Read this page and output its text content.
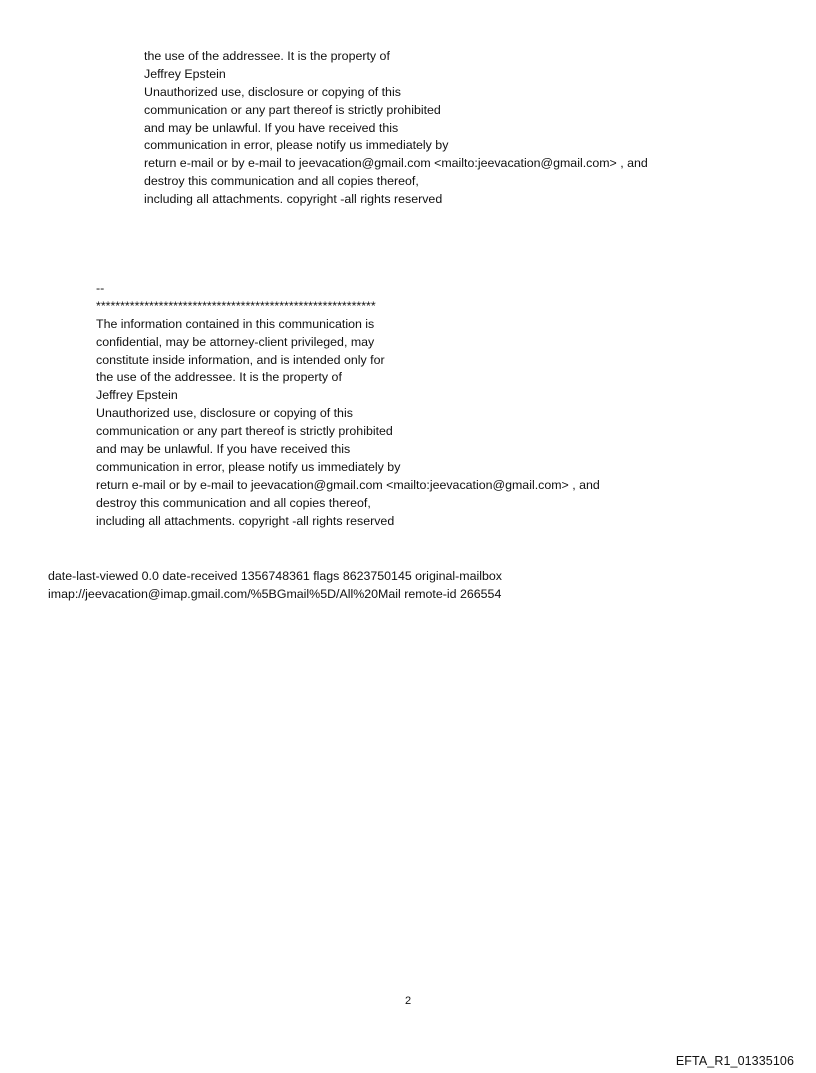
the use of the addressee. It is the property of
Jeffrey Epstein
Unauthorized use, disclosure or copying of this
communication or any part thereof is strictly prohibited
and may be unlawful. If you have received this
communication in error, please notify us immediately by
return e-mail or by e-mail to jeevacation@gmail.com <mailto:jeevacation@gmail.com> , and
destroy this communication and all copies thereof,
including all attachments. copyright -all rights reserved
--
**********************************************************
The information contained in this communication is
confidential, may be attorney-client privileged, may
constitute inside information, and is intended only for
the use of the addressee. It is the property of
Jeffrey Epstein
Unauthorized use, disclosure or copying of this
communication or any part thereof is strictly prohibited
and may be unlawful. If you have received this
communication in error, please notify us immediately by
return e-mail or by e-mail to jeevacation@gmail.com <mailto:jeevacation@gmail.com> , and
destroy this communication and all copies thereof,
including all attachments. copyright -all rights reserved
date-last-viewed 0.0 date-received 1356748361 flags 8623750145 original-mailbox
imap://jeevacation@imap.gmail.com/%5BGmail%5D/All%20Mail remote-id 266554
2
EFTA_R1_01335106
